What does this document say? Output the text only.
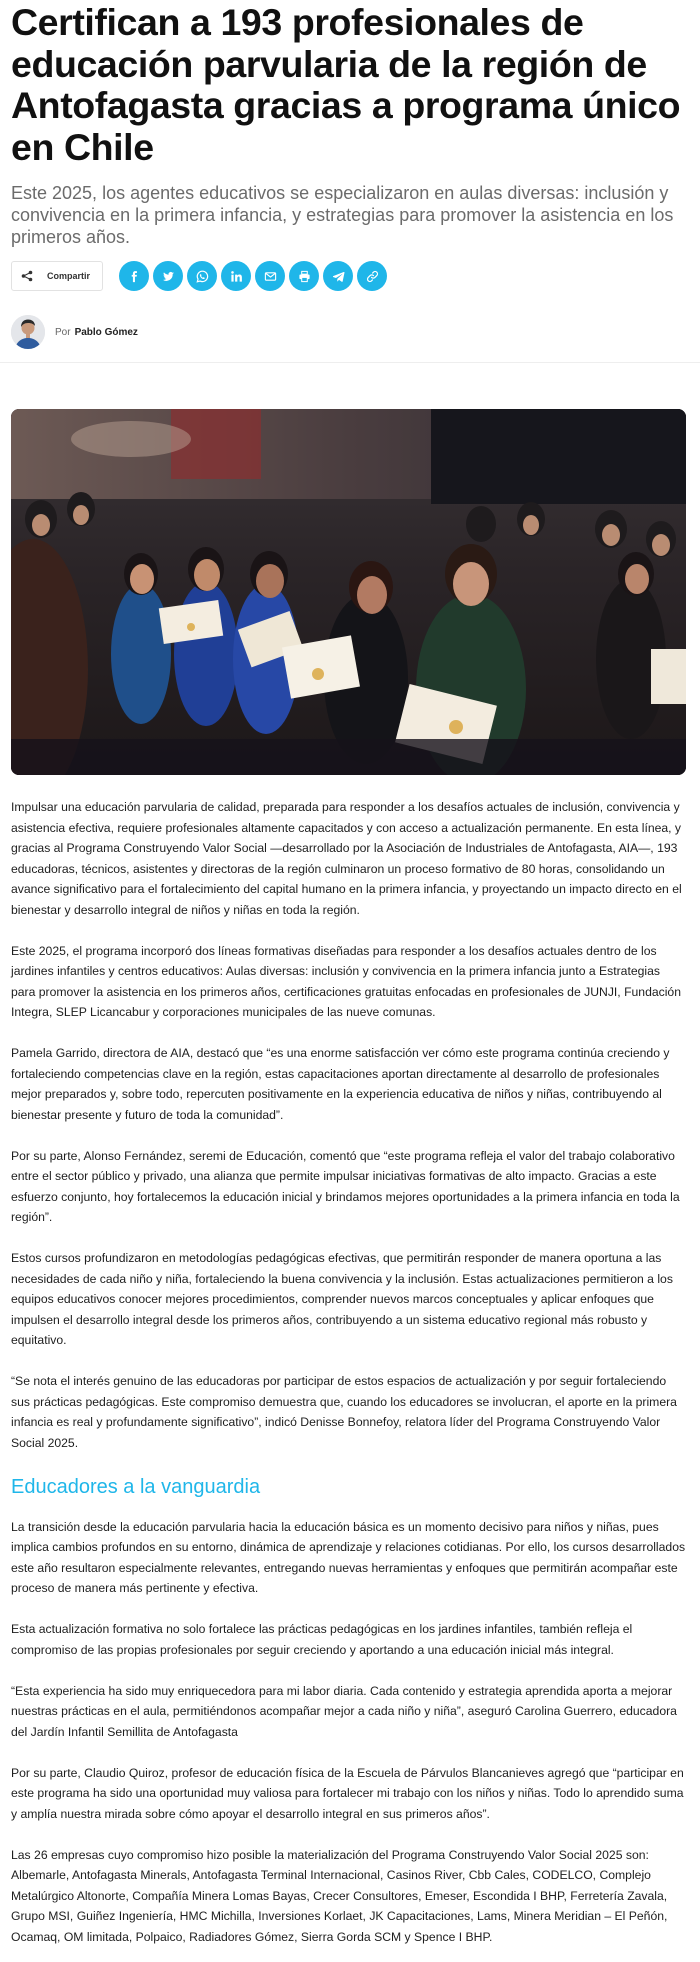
Certifican a 193 profesionales de educación parvularia de la región de Antofagasta gracias a programa único en Chile

Este 2025, los agentes educativos se especializaron en aulas diversas: inclusión y convivencia en la primera infancia, y estrategias para promover la asistencia en los primeros años.

Compartir
Por Pablo Gómez

Impulsar una educación parvularia de calidad, preparada para responder a los desafíos actuales de inclusión, convivencia y asistencia efectiva, requiere profesionales altamente capacitados y con acceso a actualización permanente. En esta línea, y gracias al Programa Construyendo Valor Social —desarrollado por la Asociación de Industriales de Antofagasta, AIA—, 193 educadoras, técnicos, asistentes y directoras de la región culminaron un proceso formativo de 80 horas, consolidando un avance significativo para el fortalecimiento del capital humano en la primera infancia, y proyectando un impacto directo en el bienestar y desarrollo integral de niños y niñas en toda la región.

Este 2025, el programa incorporó dos líneas formativas diseñadas para responder a los desafíos actuales dentro de los jardines infantiles y centros educativos: Aulas diversas: inclusión y convivencia en la primera infancia junto a Estrategias para promover la asistencia en los primeros años, certificaciones gratuitas enfocadas en profesionales de JUNJI, Fundación Integra, SLEP Licancabur y corporaciones municipales de las nueve comunas.

Pamela Garrido, directora de AIA, destacó que “es una enorme satisfacción ver cómo este programa continúa creciendo y fortaleciendo competencias clave en la región, estas capacitaciones aportan directamente al desarrollo de profesionales mejor preparados y, sobre todo, repercuten positivamente en la experiencia educativa de niños y niñas, contribuyendo al bienestar presente y futuro de toda la comunidad”.

Por su parte, Alonso Fernández, seremi de Educación, comentó que “este programa refleja el valor del trabajo colaborativo entre el sector público y privado, una alianza que permite impulsar iniciativas formativas de alto impacto. Gracias a este esfuerzo conjunto, hoy fortalecemos la educación inicial y brindamos mejores oportunidades a la primera infancia en toda la región”.

Estos cursos profundizaron en metodologías pedagógicas efectivas, que permitirán responder de manera oportuna a las necesidades de cada niño y niña, fortaleciendo la buena convivencia y la inclusión. Estas actualizaciones permitieron a los equipos educativos conocer mejores procedimientos, comprender nuevos marcos conceptuales y aplicar enfoques que impulsen el desarrollo integral desde los primeros años, contribuyendo a un sistema educativo regional más robusto y equitativo.

“Se nota el interés genuino de las educadoras por participar de estos espacios de actualización y por seguir fortaleciendo sus prácticas pedagógicas. Este compromiso demuestra que, cuando los educadores se involucran, el aporte en la primera infancia es real y profundamente significativo”, indicó Denisse Bonnefoy, relatora líder del Programa Construyendo Valor Social 2025.

Educadores a la vanguardia

La transición desde la educación parvularia hacia la educación básica es un momento decisivo para niños y niñas, pues implica cambios profundos en su entorno, dinámica de aprendizaje y relaciones cotidianas. Por ello, los cursos desarrollados este año resultaron especialmente relevantes, entregando nuevas herramientas y enfoques que permitirán acompañar este proceso de manera más pertinente y efectiva.

Esta actualización formativa no solo fortalece las prácticas pedagógicas en los jardines infantiles, también refleja el compromiso de las propias profesionales por seguir creciendo y aportando a una educación inicial más integral.

“Esta experiencia ha sido muy enriquecedora para mi labor diaria. Cada contenido y estrategia aprendida aporta a mejorar nuestras prácticas en el aula, permitiéndonos acompañar mejor a cada niño y niña”, aseguró Carolina Guerrero, educadora del Jardín Infantil Semillita de Antofagasta

Por su parte, Claudio Quiroz, profesor de educación física de la Escuela de Párvulos Blancanieves agregó que “participar en este programa ha sido una oportunidad muy valiosa para fortalecer mi trabajo con los niños y niñas. Todo lo aprendido suma y amplía nuestra mirada sobre cómo apoyar el desarrollo integral en sus primeros años”.

Las 26 empresas cuyo compromiso hizo posible la materialización del Programa Construyendo Valor Social 2025 son: Albemarle, Antofagasta Minerals, Antofagasta Terminal Internacional, Casinos River, Cbb Cales, CODELCO, Complejo Metalúrgico Altonorte, Compañía Minera Lomas Bayas, Crecer Consultores, Emeser, Escondida I BHP, Ferretería Zavala, Grupo MSI, Guiñez Ingeniería, HMC Michilla, Inversiones Korlaet, JK Capacitaciones, Lams, Minera Meridian – El Peñón, Ocamaq, OM limitada, Polpaico, Radiadores Gómez, Sierra Gorda SCM y Spence I BHP.
